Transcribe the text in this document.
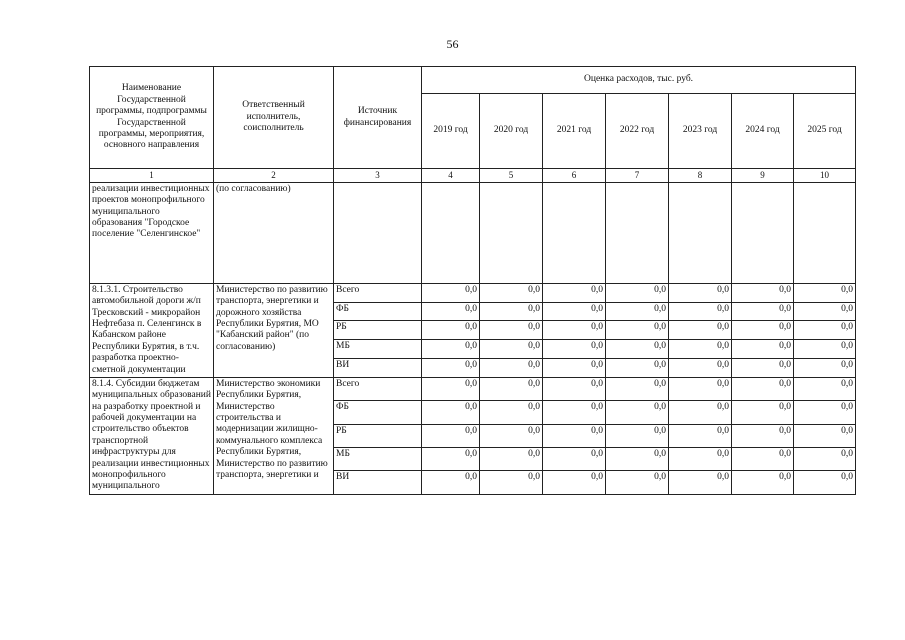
56
Наименование Государственной программы, подпрограммы Государственной программы, мероприятия, основного направления	Ответственный исполнитель, соисполнитель	Источник финансирования	Оценка расходов, тыс. руб.						
			2019 год	2020 год	2021 год	2022 год	2023 год	2024 год	2025 год
1	2	3	4	5	6	7	8	9	10
реализации инвестиционных проектов монопрофильного муниципального образования "Городское поселение "Селенгинское"	(по согласованию)								
8.1.3.1. Строительство автомобильной дороги ж/п Тресковский - микрорайон Нефтебаза п. Селенгинск в Кабанском районе Республики Бурятия, в т.ч. разработка проектно-сметной документации	Министерство по развитию транспорта, энергетики и дорожного хозяйства Республики Бурятия, МО "Кабанский район" (по согласованию)	Всего	0,0	0,0	0,0	0,0	0,0	0,0	0,0
		ФБ	0,0	0,0	0,0	0,0	0,0	0,0	0,0
		РБ	0,0	0,0	0,0	0,0	0,0	0,0	0,0
		МБ	0,0	0,0	0,0	0,0	0,0	0,0	0,0
		ВИ	0,0	0,0	0,0	0,0	0,0	0,0	0,0
8.1.4. Субсидии бюджетам муниципальных образований на разработку проектной и рабочей документации на строительство объектов транспортной инфраструктуры для реализации инвестиционных монопрофильного муниципального	Министерство экономики Республики Бурятия, Министерство строительства и модернизации жилищно-коммунального комплекса Республики Бурятия, Министерство по развитию транспорта, энергетики и	Всего	0,0	0,0	0,0	0,0	0,0	0,0	0,0
		ФБ	0,0	0,0	0,0	0,0	0,0	0,0	0,0
		РБ	0,0	0,0	0,0	0,0	0,0	0,0	0,0
		МБ	0,0	0,0	0,0	0,0	0,0	0,0	0,0
		ВИ	0,0	0,0	0,0	0,0	0,0	0,0	0,0
